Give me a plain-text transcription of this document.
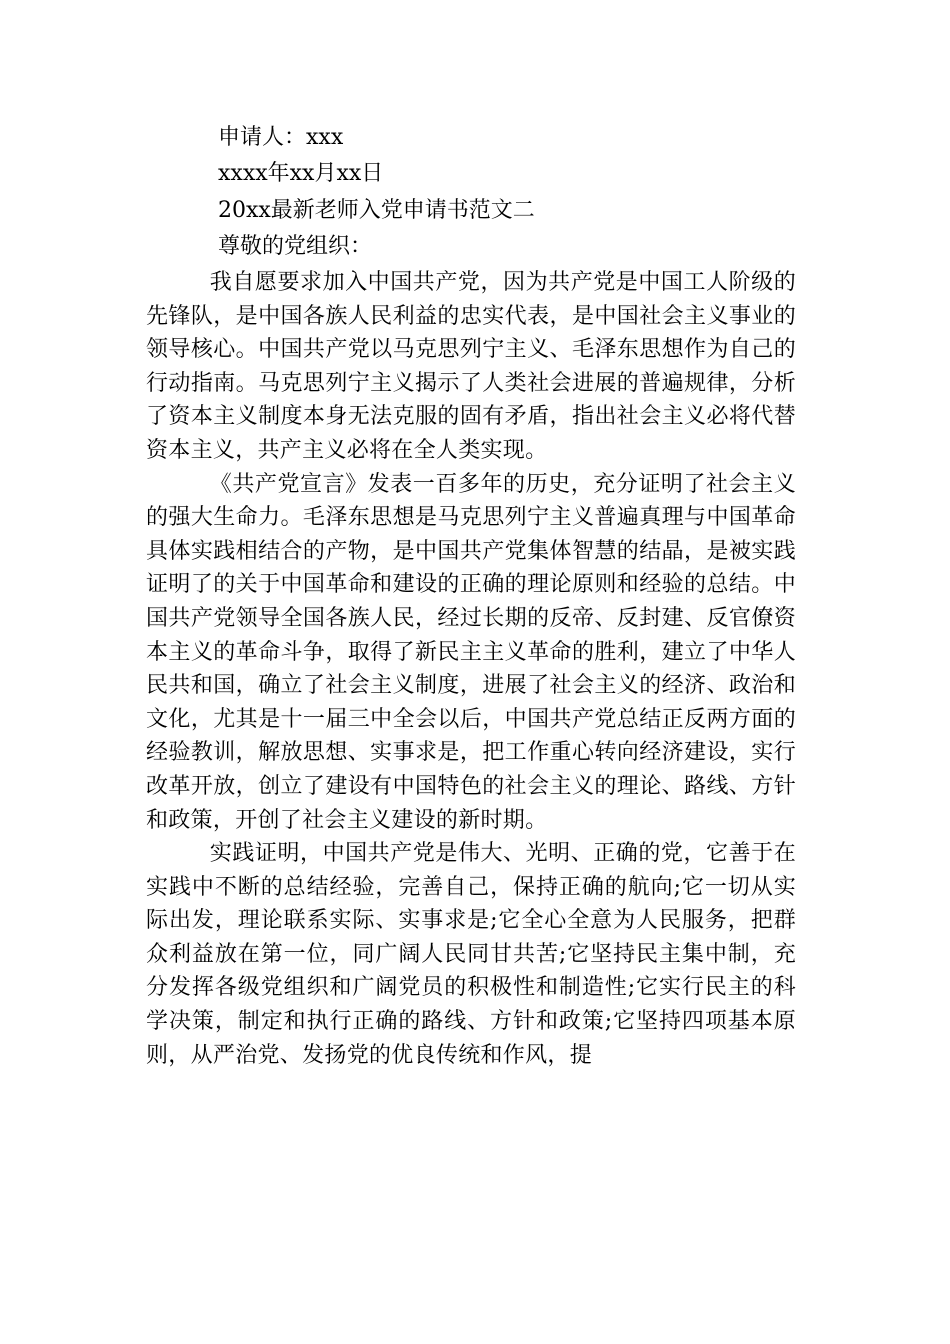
申请人：xxx
xxxx年xx月xx日
20xx最新老师入党申请书范文二
尊敬的党组织：

我自愿要求加入中国共产党，因为共产党是中国工人阶级的先锋队，是中国各族人民利益的忠实代表，是中国社会主义事业的领导核心。中国共产党以马克思列宁主义、毛泽东思想作为自己的行动指南。马克思列宁主义揭示了人类社会进展的普遍规律，分析了资本主义制度本身无法克服的固有矛盾，指出社会主义必将代替资本主义，共产主义必将在全人类实现。

《共产党宣言》发表一百多年的历史，充分证明了社会主义的强大生命力。毛泽东思想是马克思列宁主义普遍真理与中国革命具体实践相结合的产物，是中国共产党集体智慧的结晶，是被实践证明了的关于中国革命和建设的正确的理论原则和经验的总结。中国共产党领导全国各族人民，经过长期的反帝、反封建、反官僚资本主义的革命斗争，取得了新民主主义革命的胜利，建立了中华人民共和国，确立了社会主义制度，进展了社会主义的经济、政治和文化，尤其是十一届三中全会以后，中国共产党总结正反两方面的经验教训，解放思想、实事求是，把工作重心转向经济建设，实行改革开放，创立了建设有中国特色的社会主义的理论、路线、方针和政策，开创了社会主义建设的新时期。

实践证明，中国共产党是伟大、光明、正确的党，它善于在实践中不断的总结经验，完善自己，保持正确的航向;它一切从实际出发，理论联系实际、实事求是;它全心全意为人民服务，把群众利益放在第一位，同广阔人民同甘共苦;它坚持民主集中制，充分发挥各级党组织和广阔党员的积极性和制造性;它实行民主的科学决策，制定和执行正确的路线、方针和政策;它坚持四项基本原则，从严治党、发扬党的优良传统和作风，提
